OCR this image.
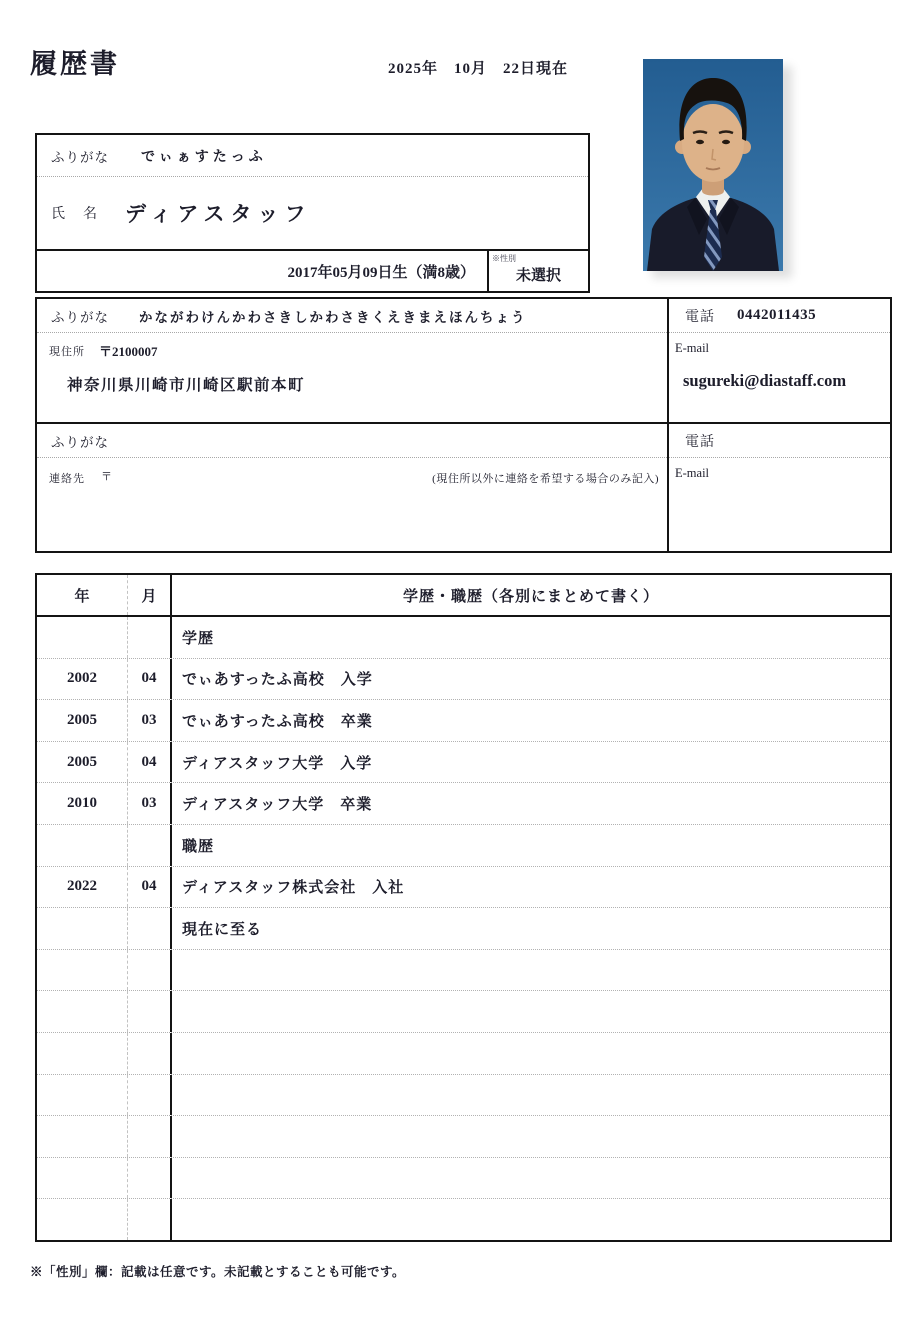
履歴書	2025年　10月　22日現在
ふりがな でぃぁすたっふ
氏　名 ディアスタッフ
2017年05月09日生（満8歳）
※性別
未選択
ふりがな かながわけんかわさきしかわさきくえきまえほんちょう
現住所 〒2100007
神奈川県川崎市川崎区駅前本町
電話 0442011435
E-mail
sugureki@diastaff.com
ふりがな
連絡先 〒	(現住所以外に連絡を希望する場合のみ記入)
電話
E-mail
年	月	学歴・職歴（各別にまとめて書く）
学歴
2002	04	でぃあすったふ高校　入学
2005	03	でぃあすったふ高校　卒業
2005	04	ディアスタッフ大学　入学
2010	03	ディアスタッフ大学　卒業
職歴
2022	04	ディアスタッフ株式会社　入社
現在に至る
※「性別」欄：記載は任意です。未記載とすることも可能です。
